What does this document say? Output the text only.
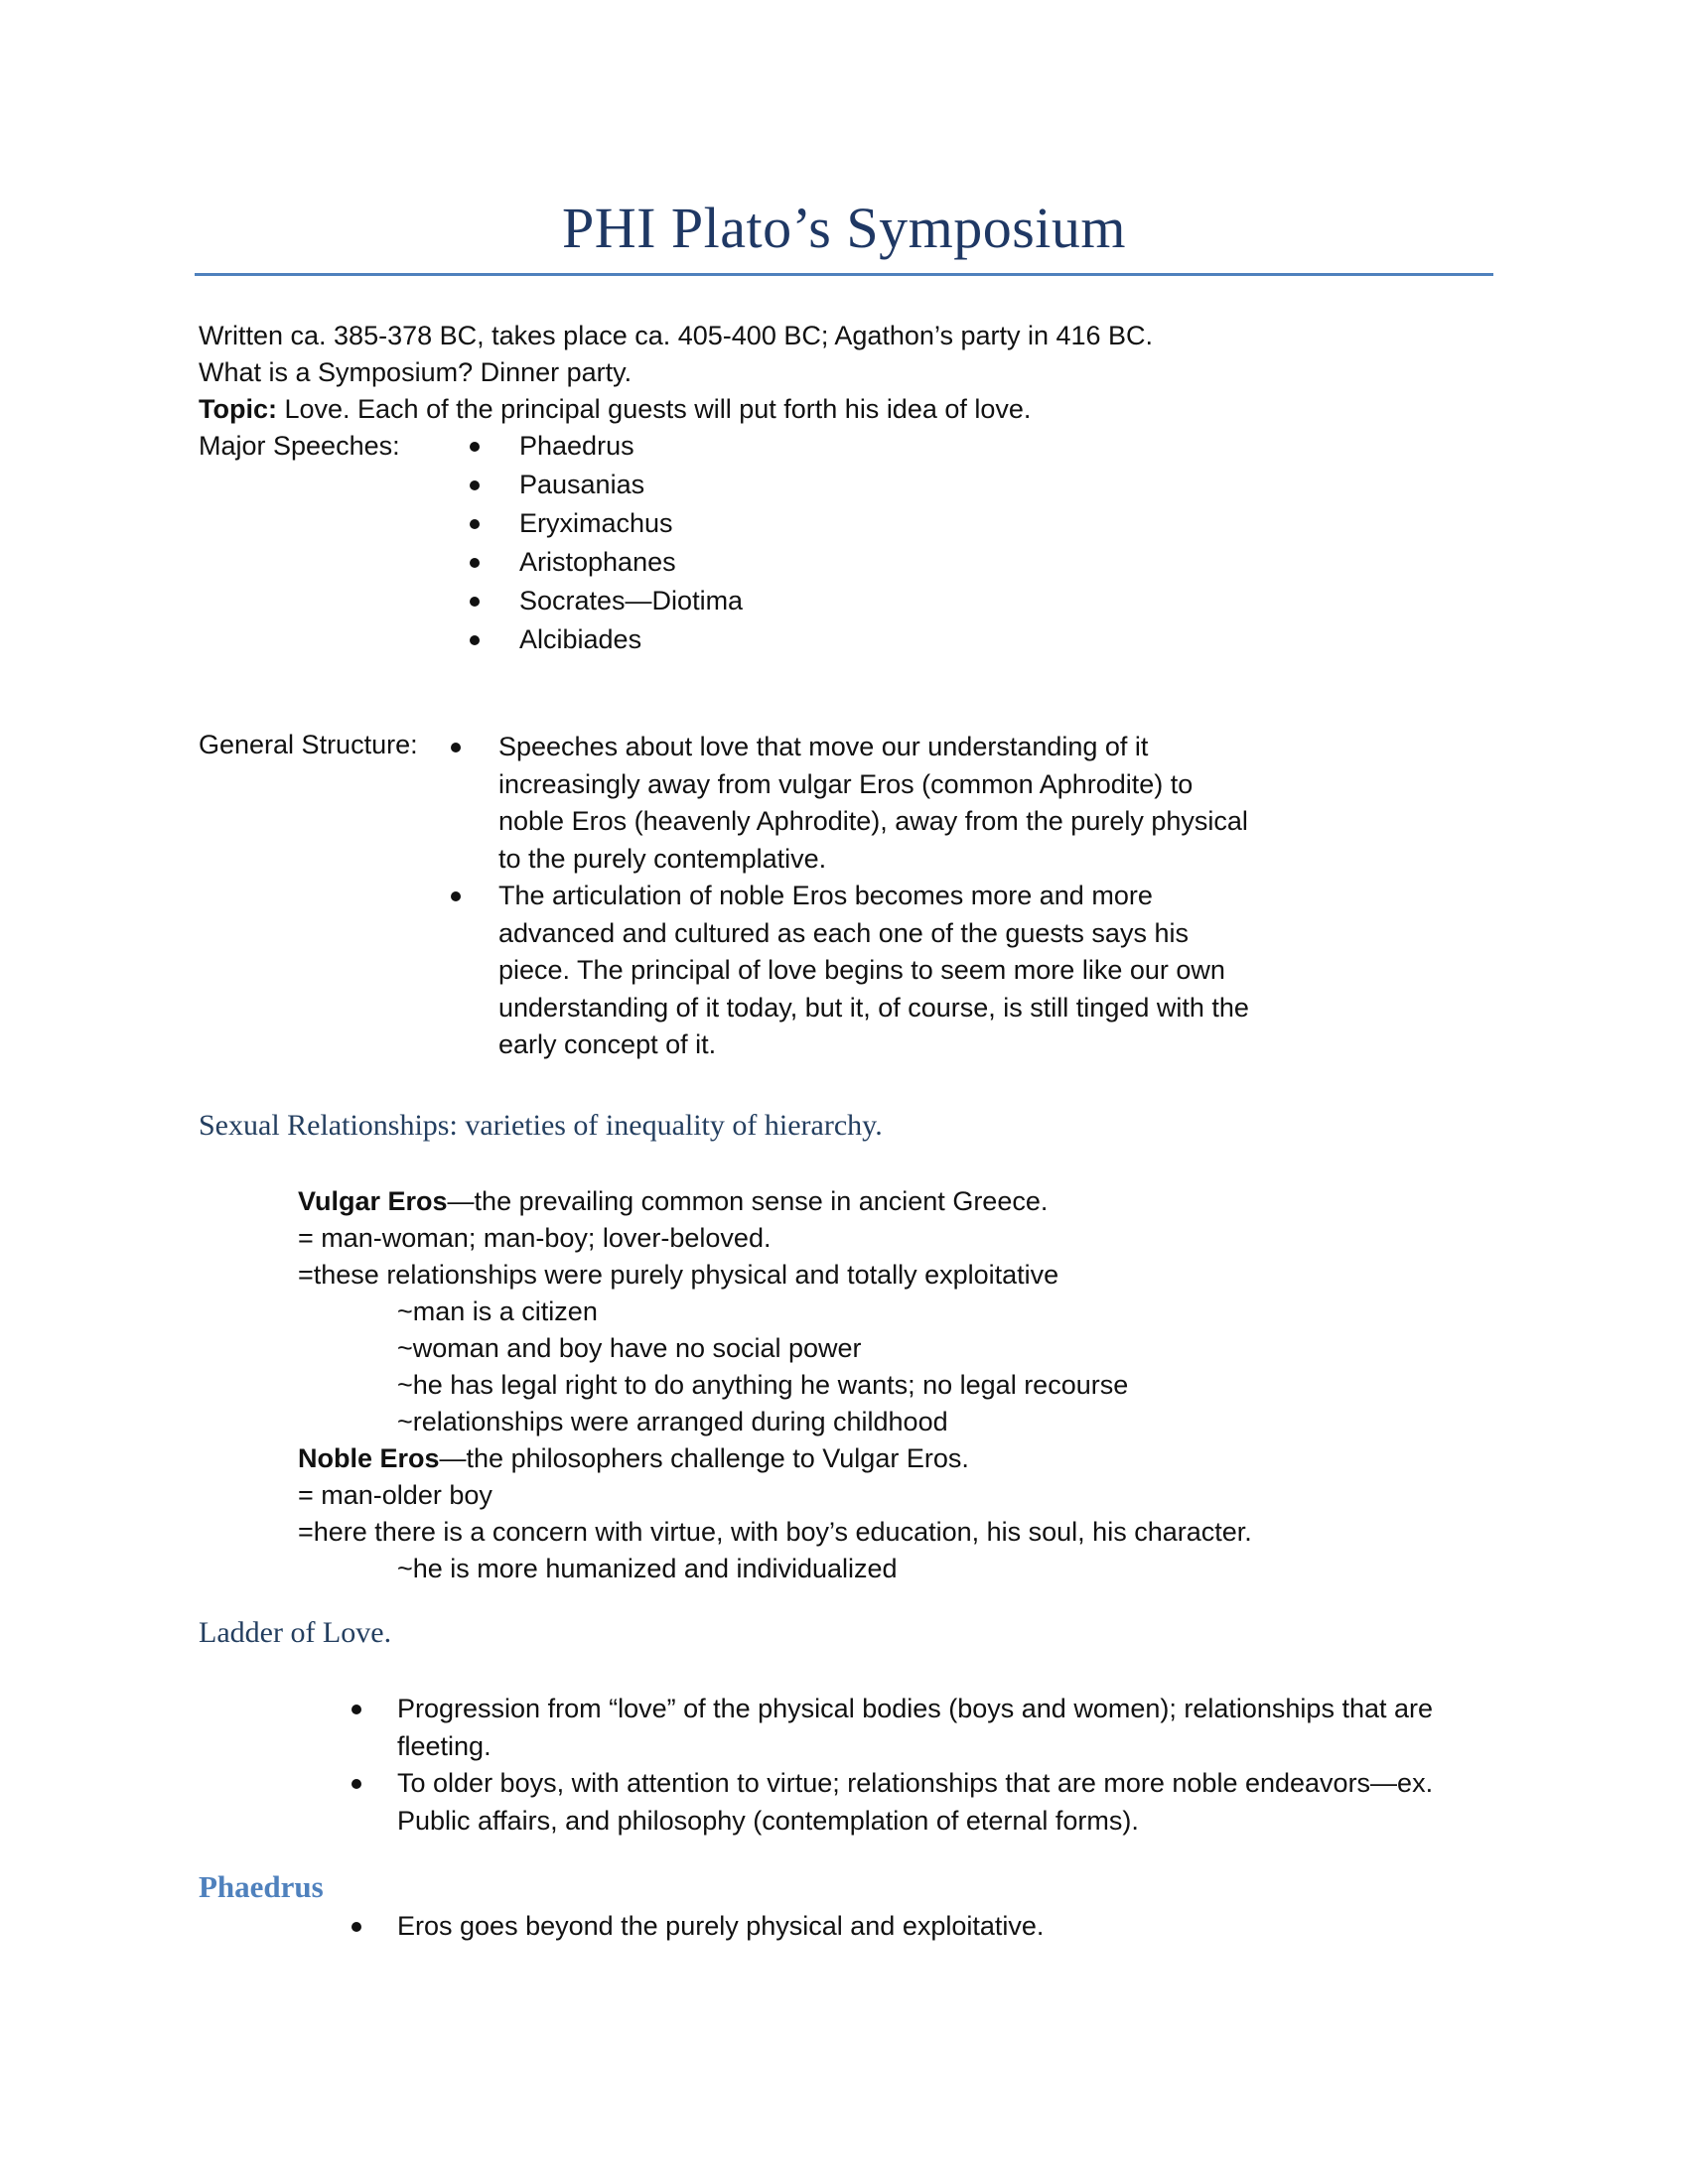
PHI Plato’s Symposium
Written ca. 385-378 BC, takes place ca. 405-400 BC; Agathon’s party in 416 BC.
What is a Symposium? Dinner party.
Topic: Love. Each of the principal guests will put forth his idea of love.
Major Speeches:	Phaedrus
Pausanias
Eryximachus
Aristophanes
Socrates—Diotima
Alcibiades
General Structure:	Speeches about love that move our understanding of it increasingly away from vulgar Eros (common Aphrodite) to noble Eros (heavenly Aphrodite), away from the purely physical to the purely contemplative.
The articulation of noble Eros becomes more and more advanced and cultured as each one of the guests says his piece. The principal of love begins to seem more like our own understanding of it today, but it, of course, is still tinged with the early concept of it.
Sexual Relationships: varieties of inequality of hierarchy.
Vulgar Eros—the prevailing common sense in ancient Greece.
= man-woman; man-boy; lover-beloved.
=these relationships were purely physical and totally exploitative
~man is a citizen
~woman and boy have no social power
~he has legal right to do anything he wants; no legal recourse
~relationships were arranged during childhood
Noble Eros—the philosophers challenge to Vulgar Eros.
= man-older boy
=here there is a concern with virtue, with boy’s education, his soul, his character.
~he is more humanized and individualized
Ladder of Love.
Progression from “love” of the physical bodies (boys and women); relationships that are fleeting.
To older boys, with attention to virtue; relationships that are more noble endeavors—ex. Public affairs, and philosophy (contemplation of eternal forms).
Phaedrus
Eros goes beyond the purely physical and exploitative.
